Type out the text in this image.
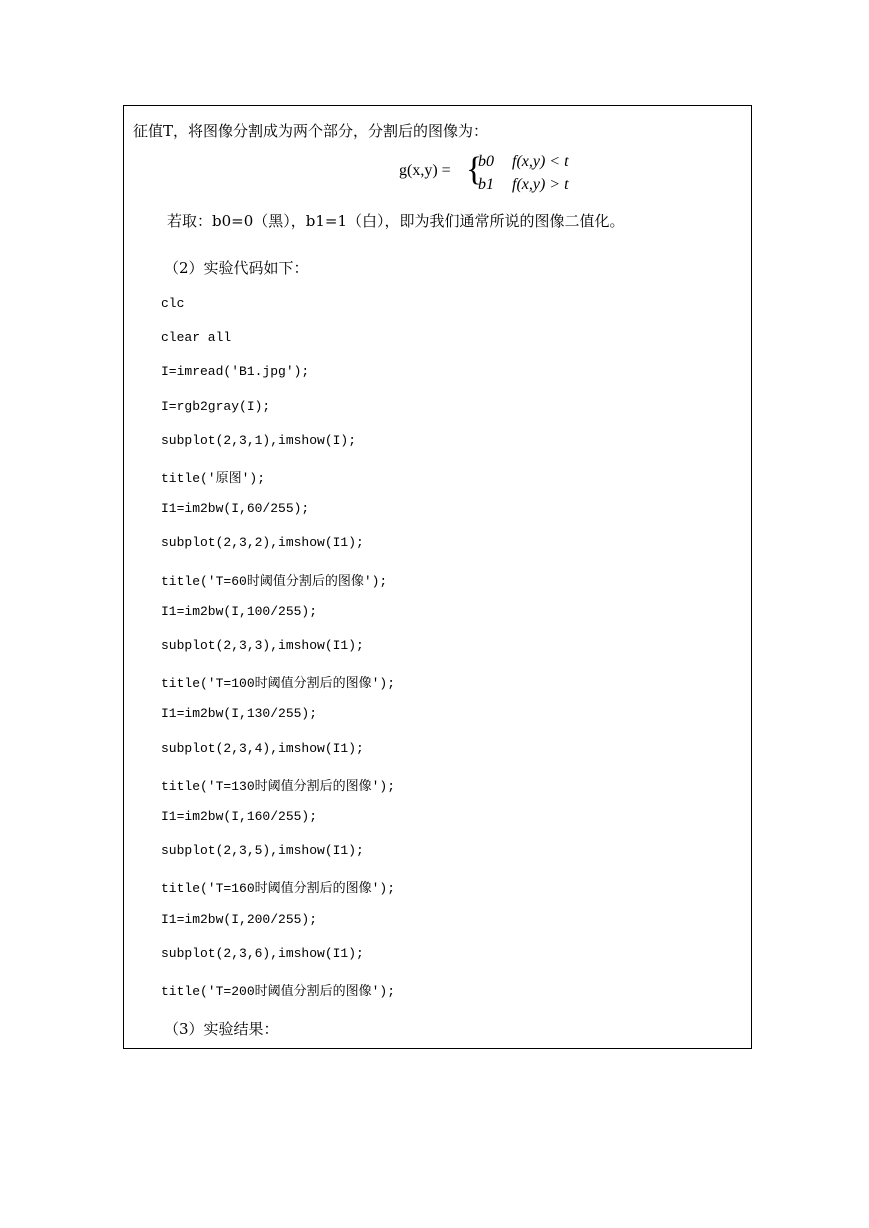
征值T，将图像分割成为两个部分，分割后的图像为：
g(x,y) = {
b0 f(x,y) < t
b1 f(x,y) > t
若取：b0=0（黑），b1=1（白），即为我们通常所说的图像二值化。
（2）实验代码如下：
clc
clear all
I=imread('B1.jpg');
I=rgb2gray(I);
subplot(2,3,1),imshow(I);
title('原图');
I1=im2bw(I,60/255);
subplot(2,3,2),imshow(I1);
title('T=60时阈值分割后的图像');
I1=im2bw(I,100/255);
subplot(2,3,3),imshow(I1);
title('T=100时阈值分割后的图像');
I1=im2bw(I,130/255);
subplot(2,3,4),imshow(I1);
title('T=130时阈值分割后的图像');
I1=im2bw(I,160/255);
subplot(2,3,5),imshow(I1);
title('T=160时阈值分割后的图像');
I1=im2bw(I,200/255);
subplot(2,3,6),imshow(I1);
title('T=200时阈值分割后的图像');
（3）实验结果：
